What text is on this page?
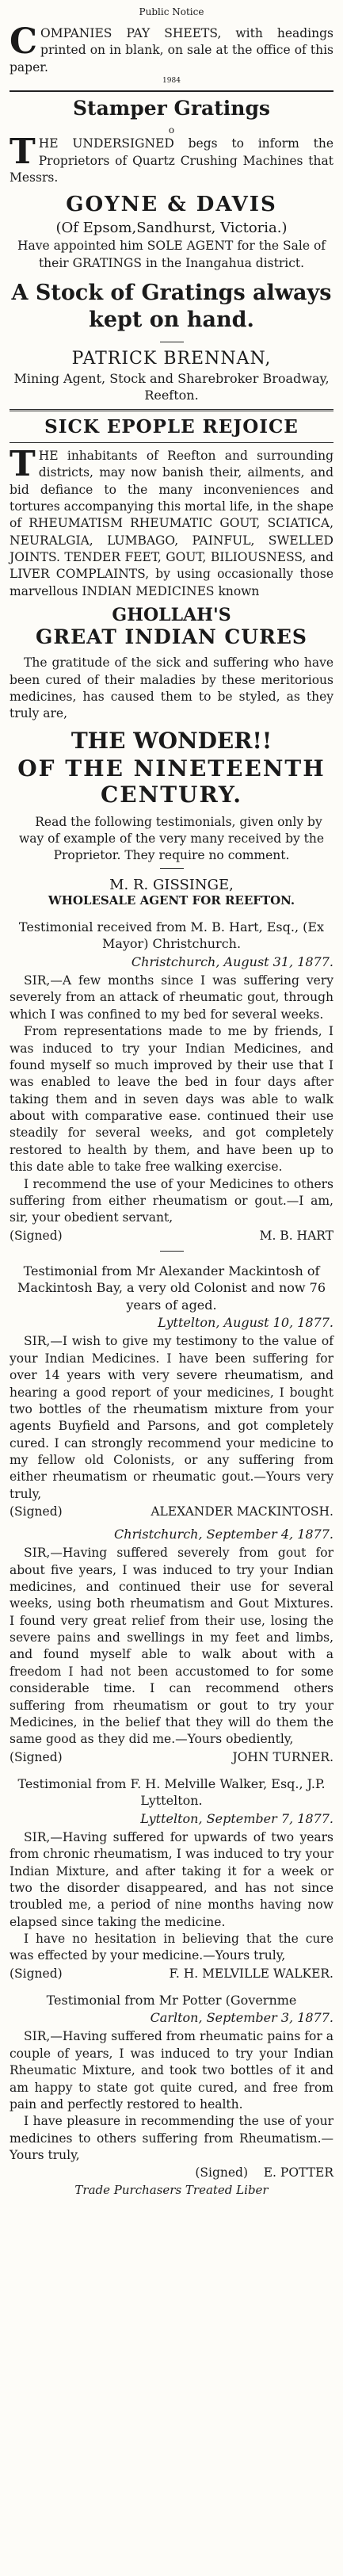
Public Notice

COMPANIES PAY SHEETS, with headings printed on in blank, on sale at the office of this paper.

1984
Stamper Gratings
o

THE UNDERSIGNED begs to inform the Proprietors of Quartz Crushing Machines that Messrs.

GOYNE & DAVIS
(Of Epsom,Sandhurst, Victoria.)

Have appointed him SOLE AGENT for the Sale of their GRATINGS in the Inangahua district.

A Stock of Gratings always kept on hand.
PATRICK BRENNAN,
Mining Agent, Stock and Sharebroker Broadway, Reefton.
SICK EPOPLE REJOICE

THE inhabitants of Reefton and surrounding districts, may now banish their, ailments, and bid defiance to the many inconveniences and tortures accompanying this mortal life, in the shape of RHEUMATISM RHEUMATIC GOUT, SCIATICA, NEURALGIA, LUMBAGO, PAINFUL, SWELLED JOINTS. TENDER FEET, GOUT, BILIOUSNESS, and LIVER COMPLAINTS, by using occasionally those marvellous INDIAN MEDICINES known

GHOLLAH'S
GREAT INDIAN CURES

The gratitude of the sick and suffering who have been cured of their maladies by these meritorious medicines, has caused them to be styled, as they truly are,

THE WONDER!!
OF THE NINETEENTH CENTURY.

Read the following testimonials, given only by way of example of the very many received by the Proprietor. They require no comment.

M. R. GISSINGE,
WHOLESALE AGENT FOR REEFTON.
Testimonial received from M. B. Hart, Esq., (Ex Mayor) Christchurch.
Christchurch, August 31, 1877.

SIR,—A few months since I was suffering very severely from an attack of rheumatic gout, through which I was confined to my bed for several weeks.

From representations made to me by friends, I was induced to try your Indian Medicines, and found myself so much improved by their use that I was enabled to leave the bed in four days after taking them and in seven days was able to walk about with comparative ease. continued their use steadily for several weeks, and got completely restored to health by them, and have been up to this date able to take free walking exercise.

I recommend the use of your Medicines to others suffering from either rheumatism or gout.—I am, sir, your obedient servant,

(Signed)	M. B. HART
Testimonial from Mr Alexander Mackintosh of Mackintosh Bay, a very old Colonist and now 76 years of aged.
Lyttelton, August 10, 1877.

SIR,—I wish to give my testimony to the value of your Indian Medicines. I have been suffering for over 14 years with very severe rheumatism, and hearing a good report of your medicines, I bought two bottles of the rheumatism mixture from your agents Buyfield and Parsons, and got completely cured. I can strongly recommend your medicine to my fellow old Colonists, or any suffering from either rheumatism or rheumatic gout.—Yours very truly,

(Signed)	ALEXANDER MACKINTOSH.
Christchurch, September 4, 1877.

SIR,—Having suffered severely from gout for about five years, I was induced to try your Indian medicines, and continued their use for several weeks, using both rheumatism and Gout Mixtures. I found very great relief from their use, losing the severe pains and swellings in my feet and limbs, and found myself able to walk about with a freedom I had not been accustomed to for some considerable time. I can recommend others suffering from rheumatism or gout to try your Medicines, in the belief that they will do them the same good as they did me.—Yours obediently,

(Signed)	JOHN TURNER.
Testimonial from F. H. Melville Walker, Esq., J.P. Lyttelton.
Lyttelton, September 7, 1877.

SIR,—Having suffered for upwards of two years from chronic rheumatism, I was induced to try your Indian Mixture, and after taking it for a week or two the disorder disappeared, and has not since troubled me, a period of nine months having now elapsed since taking the medicine.

I have no hesitation in believing that the cure was effected by your medicine.—Yours truly,

(Signed)	F. H. MELVILLE WALKER.
Testimonial from Mr Potter (Governme
Carlton, September 3, 1877.

SIR,—Having suffered from rheumatic pains for a couple of years, I was induced to try your Indian Rheumatic Mixture, and took two bottles of it and am happy to state got quite cured, and free from pain and perfectly restored to health.

I have pleasure in recommending the use of your medicines to others suffering from Rheumatism.—Yours truly,

(Signed) E. POTTER
Trade Purchasers Treated Liber
